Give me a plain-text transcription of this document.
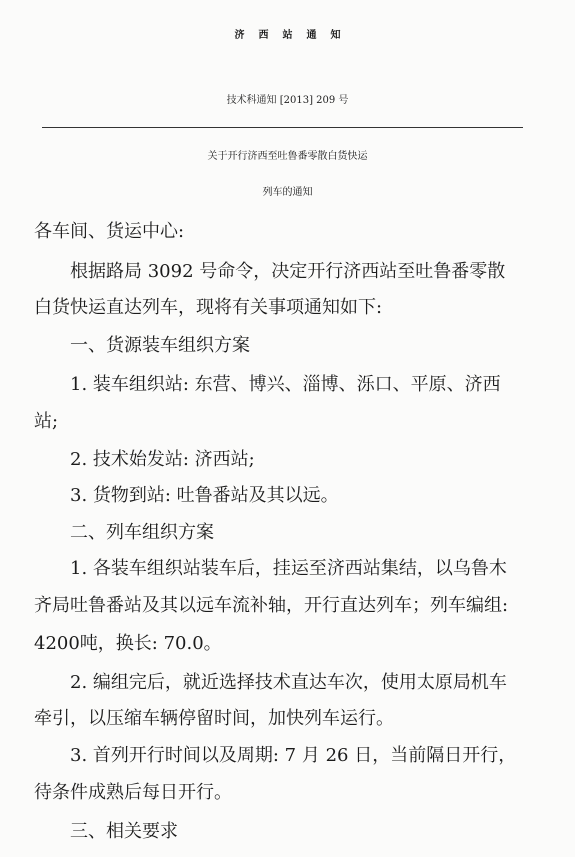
济西站通知
技术科通知 [2013] 209 号
关于开行济西至吐鲁番零散白货快运
列车的通知
各车间、货运中心:
根据路局 3092 号命令，决定开行济西站至吐鲁番零散
白货快运直达列车，现将有关事项通知如下:
一、货源装车组织方案
1. 装车组织站: 东营、博兴、淄博、泺口、平原、济西
站;
2. 技术始发站: 济西站;
3. 货物到站: 吐鲁番站及其以远。
二、列车组织方案
1. 各装车组织站装车后，挂运至济西站集结，以乌鲁木
齐局吐鲁番站及其以远车流补轴，开行直达列车；列车编组:
4200吨，换长: 70.0。
2. 编组完后，就近选择技术直达车次，使用太原局机车
牵引，以压缩车辆停留时间，加快列车运行。
3. 首列开行时间以及周期: 7 月 26 日，当前隔日开行，
待条件成熟后每日开行。
三、相关要求
